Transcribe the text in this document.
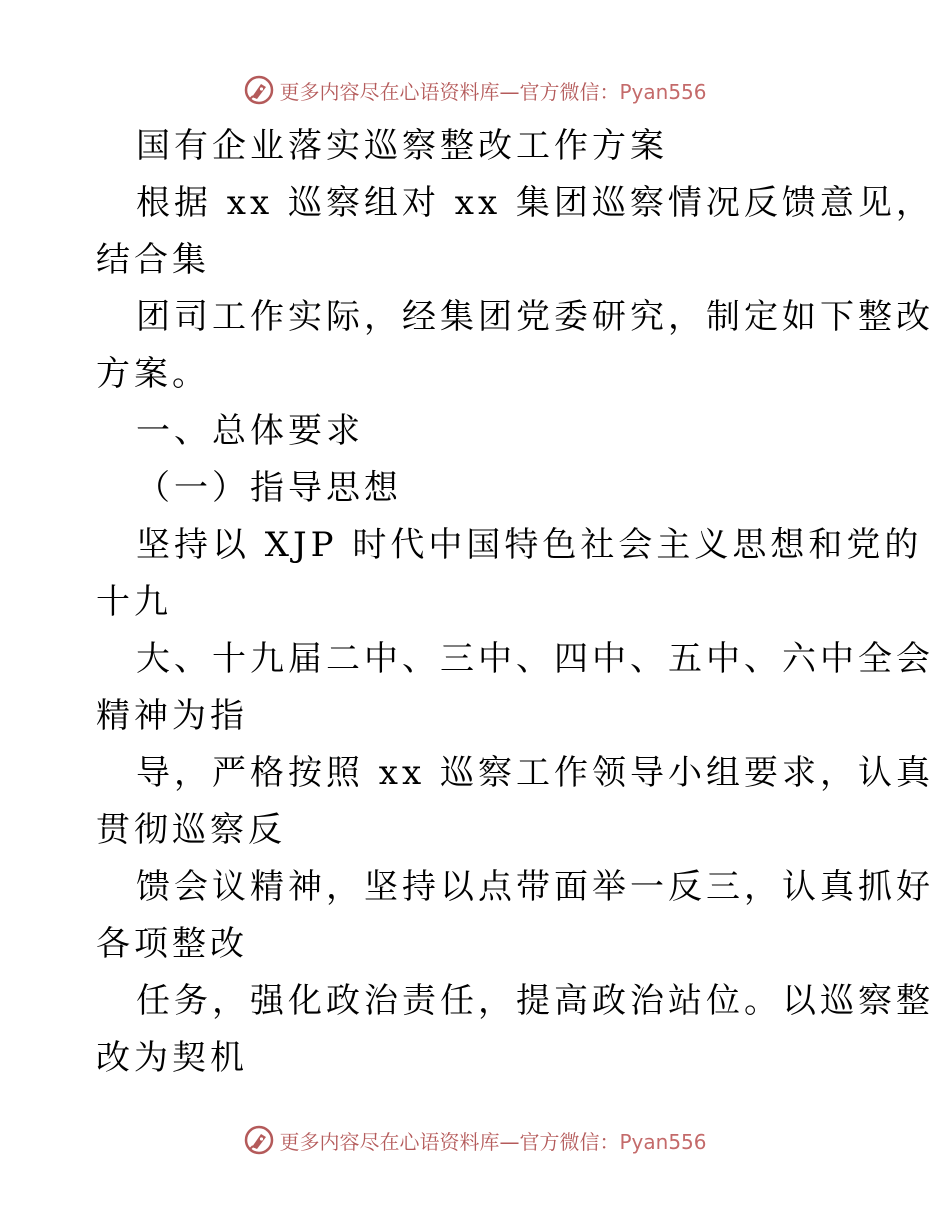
更多内容尽在心语资料库—官方微信：Pyan556
国有企业落实巡察整改工作方案
根据 xx 巡察组对 xx 集团巡察情况反馈意见，
结合集
团司工作实际，经集团党委研究，制定如下整改
方案。
一、总体要求
（一）指导思想
坚持以 XJP 时代中国特色社会主义思想和党的
十九
大、十九届二中、三中、四中、五中、六中全会
精神为指
导，严格按照 xx 巡察工作领导小组要求，认真
贯彻巡察反
馈会议精神，坚持以点带面举一反三，认真抓好
各项整改
任务，强化政治责任，提高政治站位。以巡察整
改为契机
更多内容尽在心语资料库—官方微信：Pyan556
